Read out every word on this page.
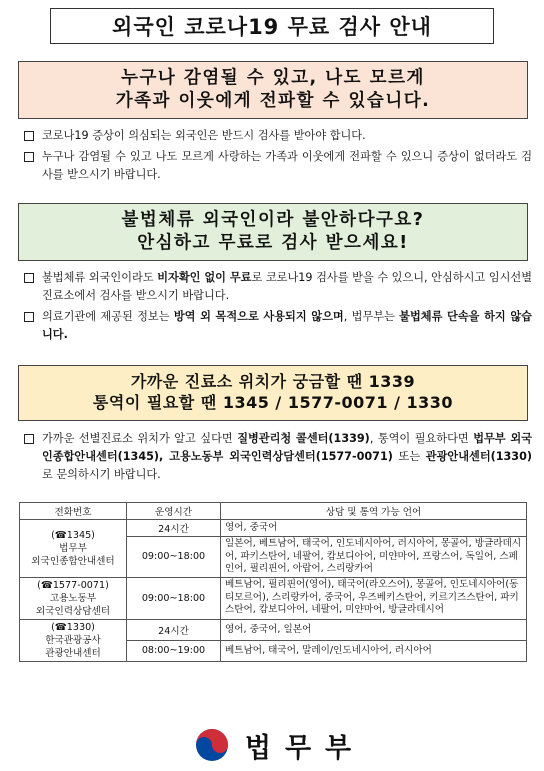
외국인 코로나19 무료 검사 안내
누구나 감염될 수 있고, 나도 모르게
가족과 이웃에게 전파할 수 있습니다.
코로나19 증상이 의심되는 외국인은 반드시 검사를 받아야 합니다.
누구나 감염될 수 있고 나도 모르게 사랑하는 가족과 이웃에게 전파할 수 있으니 증상이 없더라도 검사를 받으시기 바랍니다.
불법체류 외국인이라 불안하다구요?
안심하고 무료로 검사 받으세요!
불법체류 외국인이라도 비자확인 없이 무료로 코로나19 검사를 받을 수 있으니, 안심하시고 임시선별진료소에서 검사를 받으시기 바랍니다.
의료기관에 제공된 정보는 방역 외 목적으로 사용되지 않으며, 법무부는 불법체류 단속을 하지 않습니다.
가까운 진료소 위치가 궁금할 땐 1339
통역이 필요할 땐 1345 / 1577-0071 / 1330
가까운 선별진료소 위치가 알고 싶다면 질병관리청 콜센터(1339), 통역이 필요하다면 법무부 외국인종합안내센터(1345), 고용노동부 외국인력상담센터(1577-0071) 또는 관광안내센터(1330)로 문의하시기 바랍니다.
전화번호	운영시간	상담 및 통역 가능 언어

(☎1345)
법무부
외국인종합안내센터	24시간	영어, 중국어
	09:00~18:00	일본어, 베트남어, 태국어, 인도네시아어, 러시아어, 몽골어, 방글라데시어, 파키스탄어, 네팔어, 캄보디아어, 미얀마어, 프랑스어, 독일어, 스페인어, 필리핀어, 아랍어, 스리랑카어

(☎1577-0071)
고용노동부
외국인력상담센터	09:00~18:00	베트남어, 필리핀어(영어), 태국어(라오스어), 몽골어, 인도네시아어(동티모르어), 스리랑카어, 중국어, 우즈베키스탄어, 키르기즈스탄어, 파키스탄어, 캄보디아어, 네팔어, 미얀마어, 방글라데시어

(☎1330)
한국관광공사
관광안내센터	24시간	영어, 중국어, 일본어
	08:00~19:00	베트남어, 태국어, 말레이/인도네시아어, 러시아어
법무부
